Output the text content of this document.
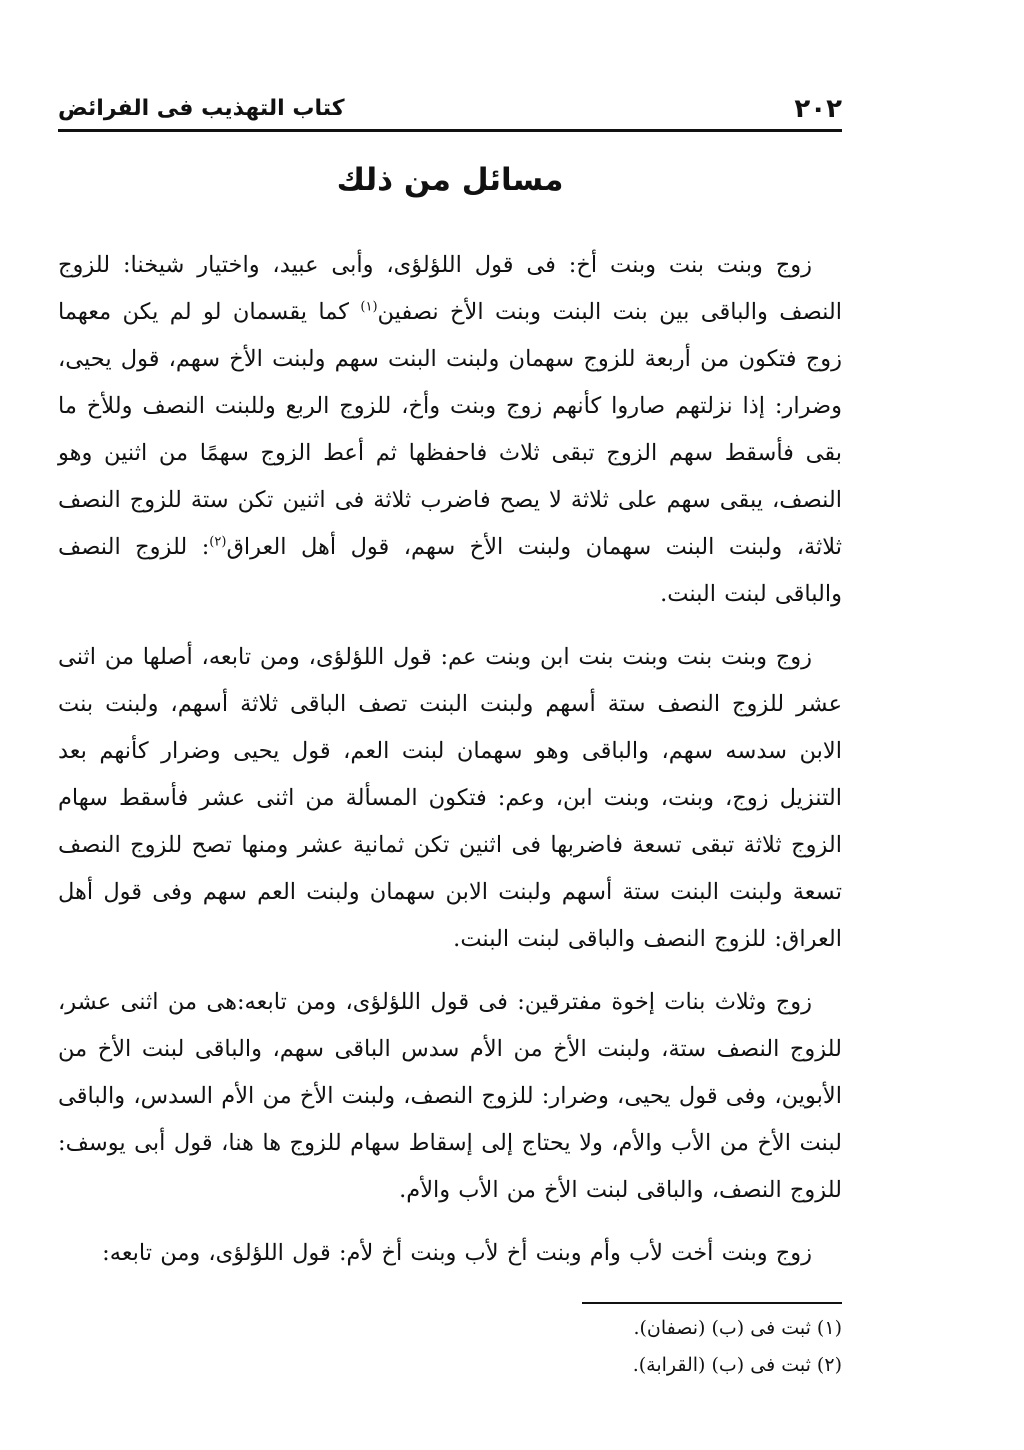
٢٠٢
كتاب التهذيب فى الفرائض
مسائل من ذلك

زوج وبنت بنت وبنت أخ: فى قول اللؤلؤى، وأبى عبيد، واختيار شيخنا: للزوج النصف والباقى بين بنت البنت وبنت الأخ نصفين$^{(١)}$ كما يقسمان لو لم يكن معهما زوج فتكون من أربعة للزوج سهمان ولبنت البنت سهم ولبنت الأخ سهم، قول يحيى، وضرار: إذا نزلتهم صاروا كأنهم زوج وبنت وأخ، للزوج الربع وللبنت النصف وللأخ ما بقى فأسقط سهم الزوج تبقى ثلاث فاحفظها ثم أعط الزوج سهمًا من اثنين وهو النصف، يبقى سهم على ثلاثة لا يصح فاضرب ثلاثة فى اثنين تكن ستة للزوج النصف ثلاثة، ولبنت البنت سهمان ولبنت الأخ سهم، قول أهل العراق$^{(٢)}$: للزوج النصف والباقى لبنت البنت.

زوج وبنت بنت وبنت بنت ابن وبنت عم: قول اللؤلؤى، ومن تابعه، أصلها من اثنى عشر للزوج النصف ستة أسهم ولبنت البنت تصف الباقى ثلاثة أسهم، ولبنت بنت الابن سدسه سهم، والباقى وهو سهمان لبنت العم، قول يحيى وضرار كأنهم بعد التنزيل زوج، وبنت، وبنت ابن، وعم: فتكون المسألة من اثنى عشر فأسقط سهام الزوج ثلاثة تبقى تسعة فاضربها فى اثنين تكن ثمانية عشر ومنها تصح للزوج النصف تسعة ولبنت البنت ستة أسهم ولبنت الابن سهمان ولبنت العم سهم وفى قول أهل العراق: للزوج النصف والباقى لبنت البنت.

زوج وثلاث بنات إخوة مفترقين: فى قول اللؤلؤى، ومن تابعه:هى من اثنى عشر، للزوج النصف ستة، ولبنت الأخ من الأم سدس الباقى سهم، والباقى لبنت الأخ من الأبوين، وفى قول يحيى، وضرار: للزوج النصف، ولبنت الأخ من الأم السدس، والباقى لبنت الأخ من الأب والأم، ولا يحتاج إلى إسقاط سهام للزوج ها هنا، قول أبى يوسف: للزوج النصف، والباقى لبنت الأخ من الأب والأم.

زوج وبنت أخت لأب وأم وبنت أخ لأب وبنت أخ لأم: قول اللؤلؤى، ومن تابعه:

(١) ثبت فى (ب) (نصفان).

(٢) ثبت فى (ب) (القرابة).
